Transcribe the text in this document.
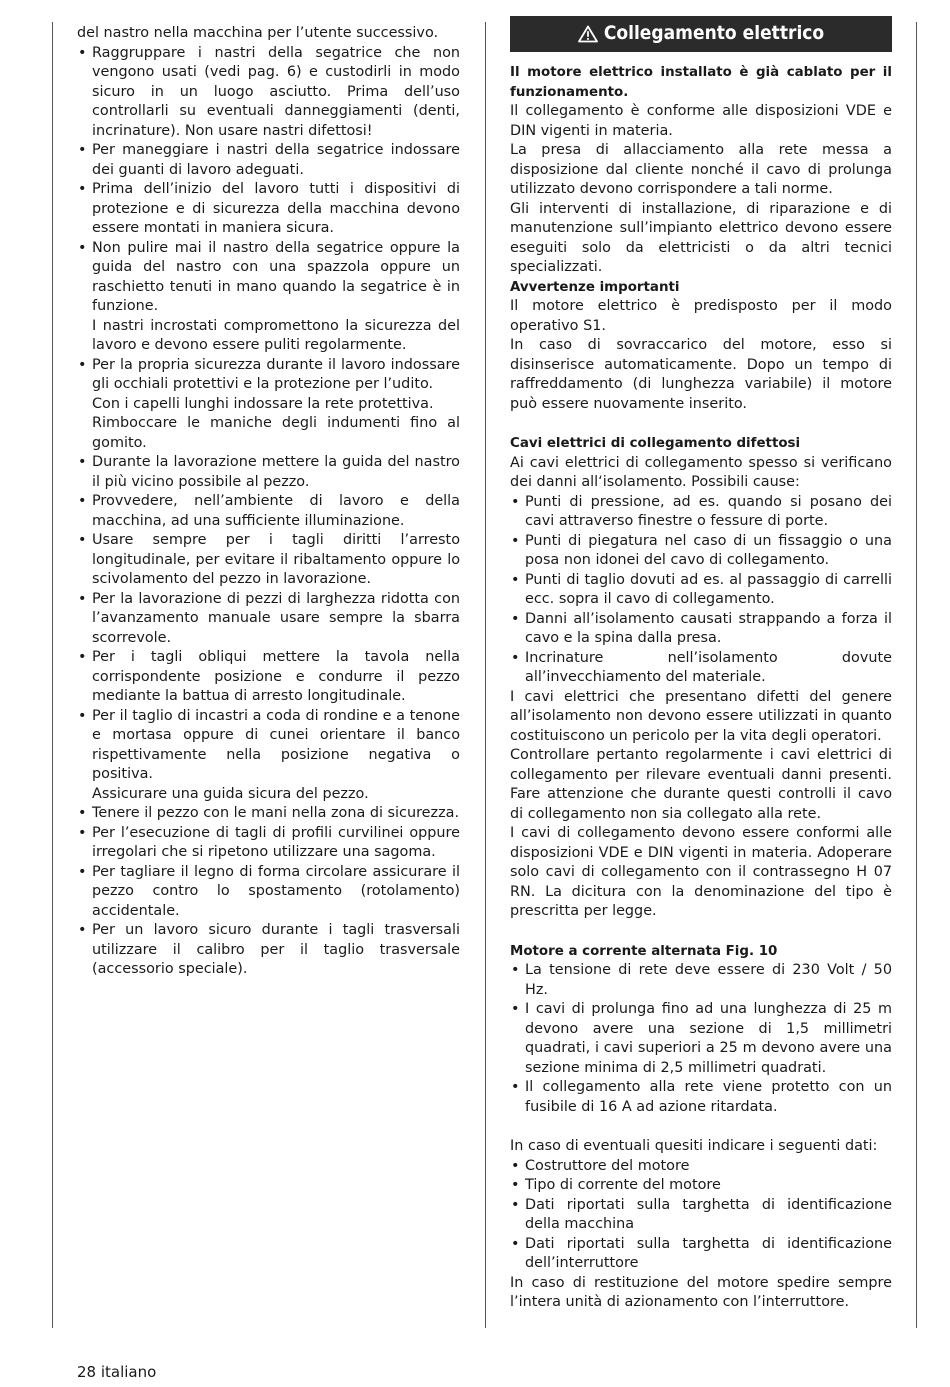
del nastro nella macchina per l’utente successivo.

• Raggruppare i nastri della segatrice che non vengono usati (vedi pag. 6) e custodirli in modo sicuro in un luogo asciutto. Prima dell’uso controllarli su eventuali danneggiamenti (denti, incrinature). Non usare nastri difettosi!
• Per maneggiare i nastri della segatrice indossare dei guanti di lavoro adeguati.
• Prima dell’inizio del lavoro tutti i dispositivi di protezione e di sicurezza della macchina devono essere montati in maniera sicura.
• Non pulire mai il nastro della segatrice oppure la guida del nastro con una spazzola oppure un raschietto tenuti in mano quando la segatrice è in funzione.
I nastri incrostati compromettono la sicurezza del lavoro e devono essere puliti regolarmente.
• Per la propria sicurezza durante il lavoro indossare gli occhiali protettivi e la protezione per l’udito.
Con i capelli lunghi indossare la rete protettiva.
Rimboccare le maniche degli indumenti fino al gomito.
• Durante la lavorazione mettere la guida del nastro il più vicino possibile al pezzo.
• Provvedere, nell’ambiente di lavoro e della macchina, ad una sufficiente illuminazione.
• Usare sempre per i tagli diritti l’arresto longitudinale, per evitare il ribaltamento oppure lo scivolamento del pezzo in lavorazione.
• Per la lavorazione di pezzi di larghezza ridotta con l’avanzamento manuale usare sempre la sbarra scorrevole.
• Per i tagli obliqui mettere la tavola nella corrispondente posizione e condurre il pezzo mediante la battua di arresto longitudinale.
• Per il taglio di incastri a coda di rondine e a tenone e mortasa oppure di cunei orientare il banco rispettivamente nella posizione negativa o positiva.
Assicurare una guida sicura del pezzo.
• Tenere il pezzo con le mani nella zona di sicurezza.
• Per l’esecuzione di tagli di profili curvilinei oppure irregolari che si ripetono utilizzare una sagoma.
• Per tagliare il legno di forma circolare assicurare il pezzo contro lo spostamento (rotolamento) accidentale.
• Per un lavoro sicuro durante i tagli trasversali utilizzare il calibro per il taglio trasversale (accessorio speciale).
Collegamento elettrico

Il motore elettrico installato è già cablato per il funzionamento.

Il collegamento è conforme alle disposizioni VDE e DIN vigenti in materia.

La presa di allacciamento alla rete messa a disposizione dal cliente nonché il cavo di prolunga utilizzato devono corrispondere a tali norme.

Gli interventi di installazione, di riparazione e di manutenzione sull’impianto elettrico devono essere eseguiti solo da elettricisti o da altri tecnici specializzati.

Avvertenze importanti

Il motore elettrico è predisposto per il modo operativo S1.

In caso di sovraccarico del motore, esso si disinserisce automaticamente. Dopo un tempo di raffreddamento (di lunghezza variabile) il motore può essere nuovamente inserito.

Cavi elettrici di collegamento difettosi

Ai cavi elettrici di collegamento spesso si verificano dei danni all‘isolamento. Possibili cause:

• Punti di pressione, ad es. quando si posano dei cavi attraverso finestre o fessure di porte.
• Punti di piegatura nel caso di un fissaggio o una posa non idonei del cavo di collegamento.
• Punti di taglio dovuti ad es. al passaggio di carrelli ecc. sopra il cavo di collegamento.
• Danni all’isolamento causati strappando a forza il cavo e la spina dalla presa.
• Incrinature nell’isolamento dovute all’invecchiamento del materiale.

I cavi elettrici che presentano difetti del genere all’isolamento non devono essere utilizzati in quanto costituiscono un pericolo per la vita degli operatori.

Controllare pertanto regolarmente i cavi elettrici di collegamento per rilevare eventuali danni presenti. Fare attenzione che durante questi controlli il cavo di collegamento non sia collegato alla rete.

I cavi di collegamento devono essere conformi alle disposizioni VDE e DIN vigenti in materia. Adoperare solo cavi di collegamento con il contrassegno H 07 RN. La dicitura con la denominazione del tipo è prescritta per legge.

Motore a corrente alternata Fig. 10

• La tensione di rete deve essere di 230 Volt / 50 Hz.
• I cavi di prolunga fino ad una lunghezza di 25 m devono avere una sezione di 1,5 millimetri quadrati, i cavi superiori a 25 m devono avere una sezione minima di 2,5 millimetri quadrati.
• Il collegamento alla rete viene protetto con un fusibile di 16 A ad azione ritardata.

In caso di eventuali quesiti indicare i seguenti dati:

• Costruttore del motore
• Tipo di corrente del motore
• Dati riportati sulla targhetta di identificazione della macchina
• Dati riportati sulla targhetta di identificazione dell’interruttore

In caso di restituzione del motore spedire sempre l’intera unità di azionamento con l’interruttore.

28 italiano
